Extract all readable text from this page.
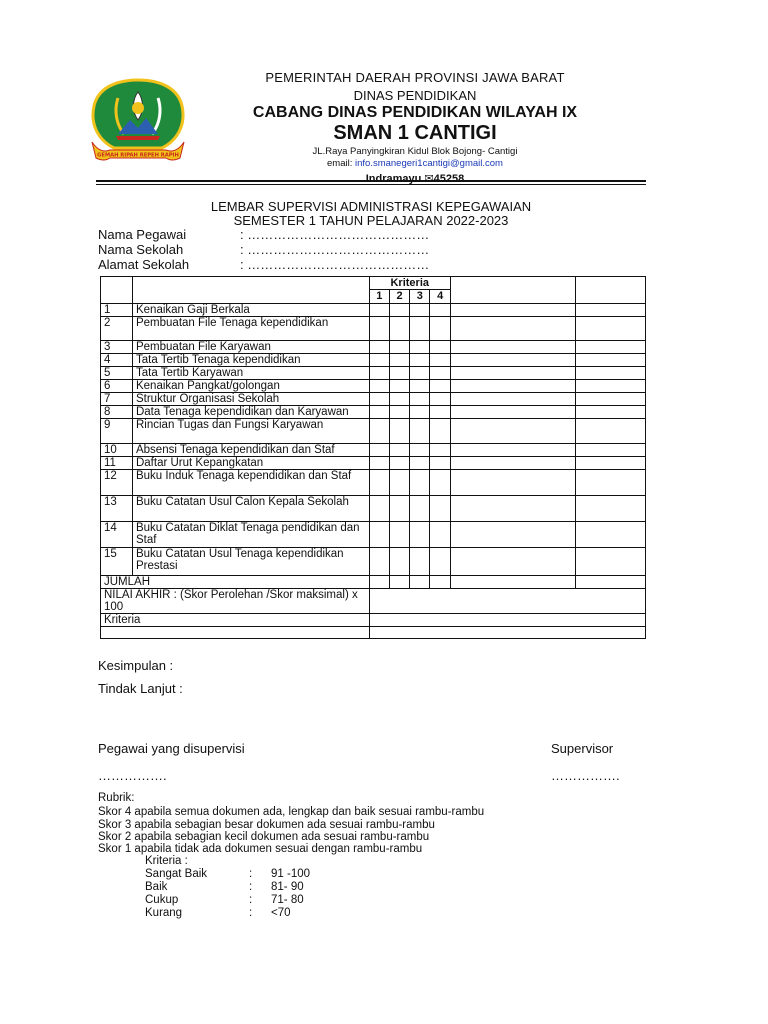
GEMAH RIPAH REPEH RAPIH
PEMERINTAH DAERAH PROVINSI JAWA BARAT
DINAS PENDIDIKAN
CABANG DINAS PENDIDIKAN WILAYAH IX
SMAN 1 CANTIGI
JL.Raya Panyingkiran Kidul Blok Bojong- Cantigi
email: info.smanegeri1cantigi@gmail.com
Indramayu ✉45258
LEMBAR SUPERVISI ADMINISTRASI KEPEGAWAIAN
SEMESTER 1 TAHUN PELAJARAN 2022-2023
Nama Pegawai	: ……………………………………
Nama Sekolah	: ……………………………………
Alamat Sekolah	: ……………………………………
		Kriteria					
		1	2	3	4		
1	Kenaikan Gaji Berkala						
2	Pembuatan File Tenaga kependidikan						
3	Pembuatan File Karyawan						
4	Tata Tertib Tenaga kependidikan						
5	Tata Tertib Karyawan						
6	Kenaikan Pangkat/golongan						
7	Struktur Organisasi Sekolah						
8	Data Tenaga kependidikan dan Karyawan						
9	Rincian Tugas dan Fungsi Karyawan						
10	Absensi Tenaga kependidikan dan Staf						
11	Daftar Urut Kepangkatan						
12	Buku Induk Tenaga kependidikan dan Staf						
13	Buku Catatan Usul Calon Kepala Sekolah						
14	Buku Catatan Diklat Tenaga pendidikan dan Staf						
15	Buku Catatan Usul Tenaga kependidikan Prestasi						
JUMLAH							
NILAI AKHIR : (Skor Perolehan /Skor maksimal) x 100							
Kriteria							

Kesimpulan :
Tindak Lanjut :
Pegawai yang disupervisi	Supervisor
…………….	…………….
Rubrik:
Skor 4 apabila semua dokumen ada, lengkap dan baik sesuai rambu-rambu
Skor 3 apabila sebagian besar dokumen ada sesuai rambu-rambu
Skor 2 apabila sebagian kecil dokumen ada sesuai rambu-rambu
Skor 1 apabila tidak ada dokumen sesuai dengan rambu-rambu
Kriteria :
Sangat Baik	: 91 -100
Baik	: 81- 90
Cukup	: 71- 80
Kurang	: <70
